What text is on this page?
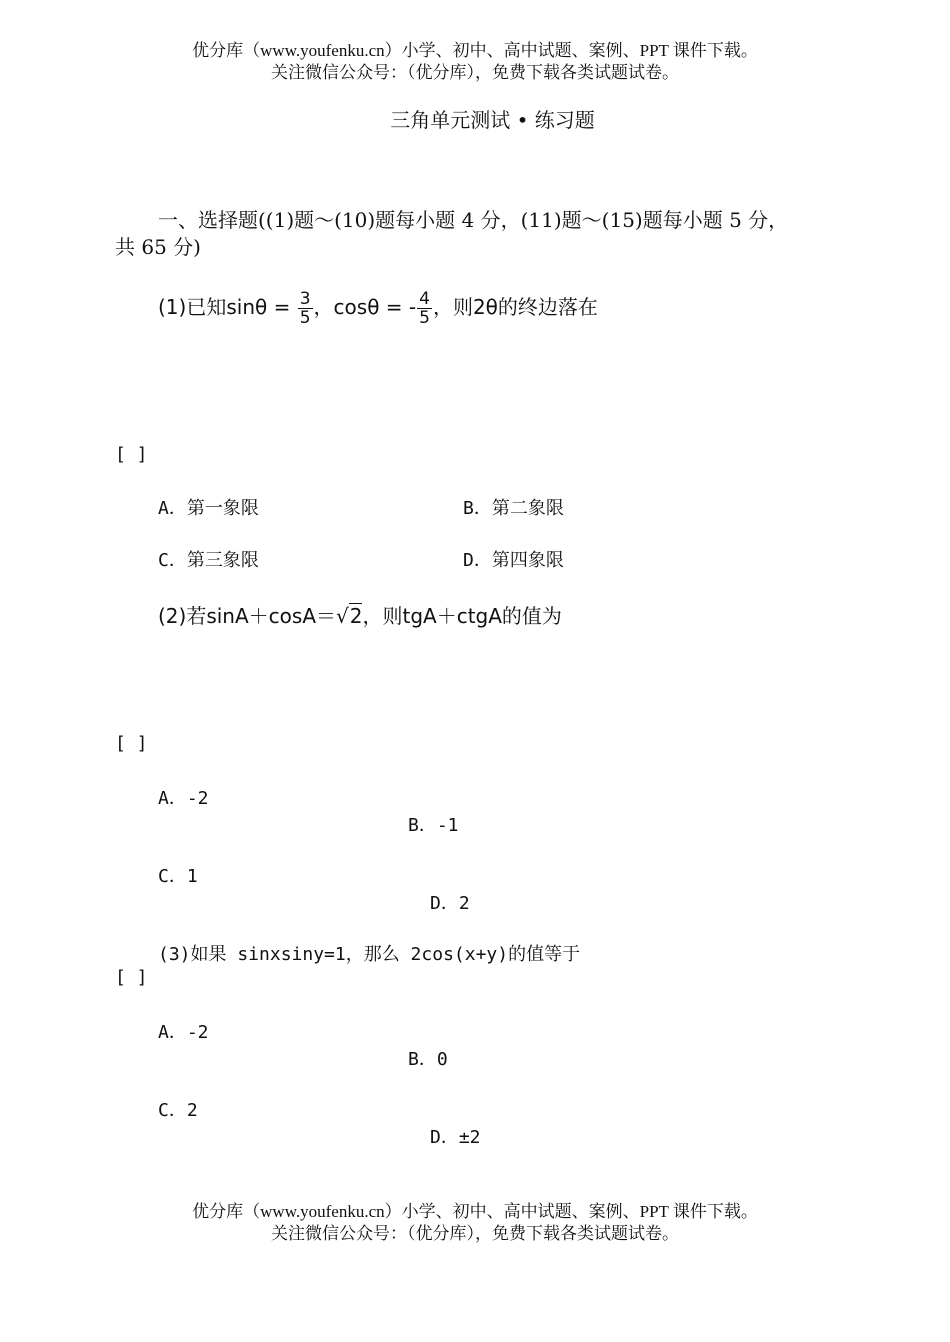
优分库（www.youfenku.cn）小学、初中、高中试题、案例、PPT 课件下载。
关注微信公众号：（优分库），免费下载各类试题试卷。
三角单元测试 • 练习题
一、选择题((1)题～(10)题每小题 4 分，(11)题～(15)题每小题 5 分，
共 65 分)
(1)已知$\sin\theta = \frac{3}{5}$ ，cosθ = - $\frac{4}{5}$ ，则2θ的终边落在
[ ]
A．第一象限	B．第二象限
C．第三象限	D．第四象限
(2)若sinA＋cosA＝√2，则tgA＋ctgA的值为
[ ]
A．-2
B．-1
C．1
D．2
(3)如果 sinxsiny=1，那么 2cos(x+y)的值等于
[ ]
A．-2
B．0
C．2
D．±2
优分库（www.youfenku.cn）小学、初中、高中试题、案例、PPT 课件下载。
关注微信公众号：（优分库），免费下载各类试题试卷。
